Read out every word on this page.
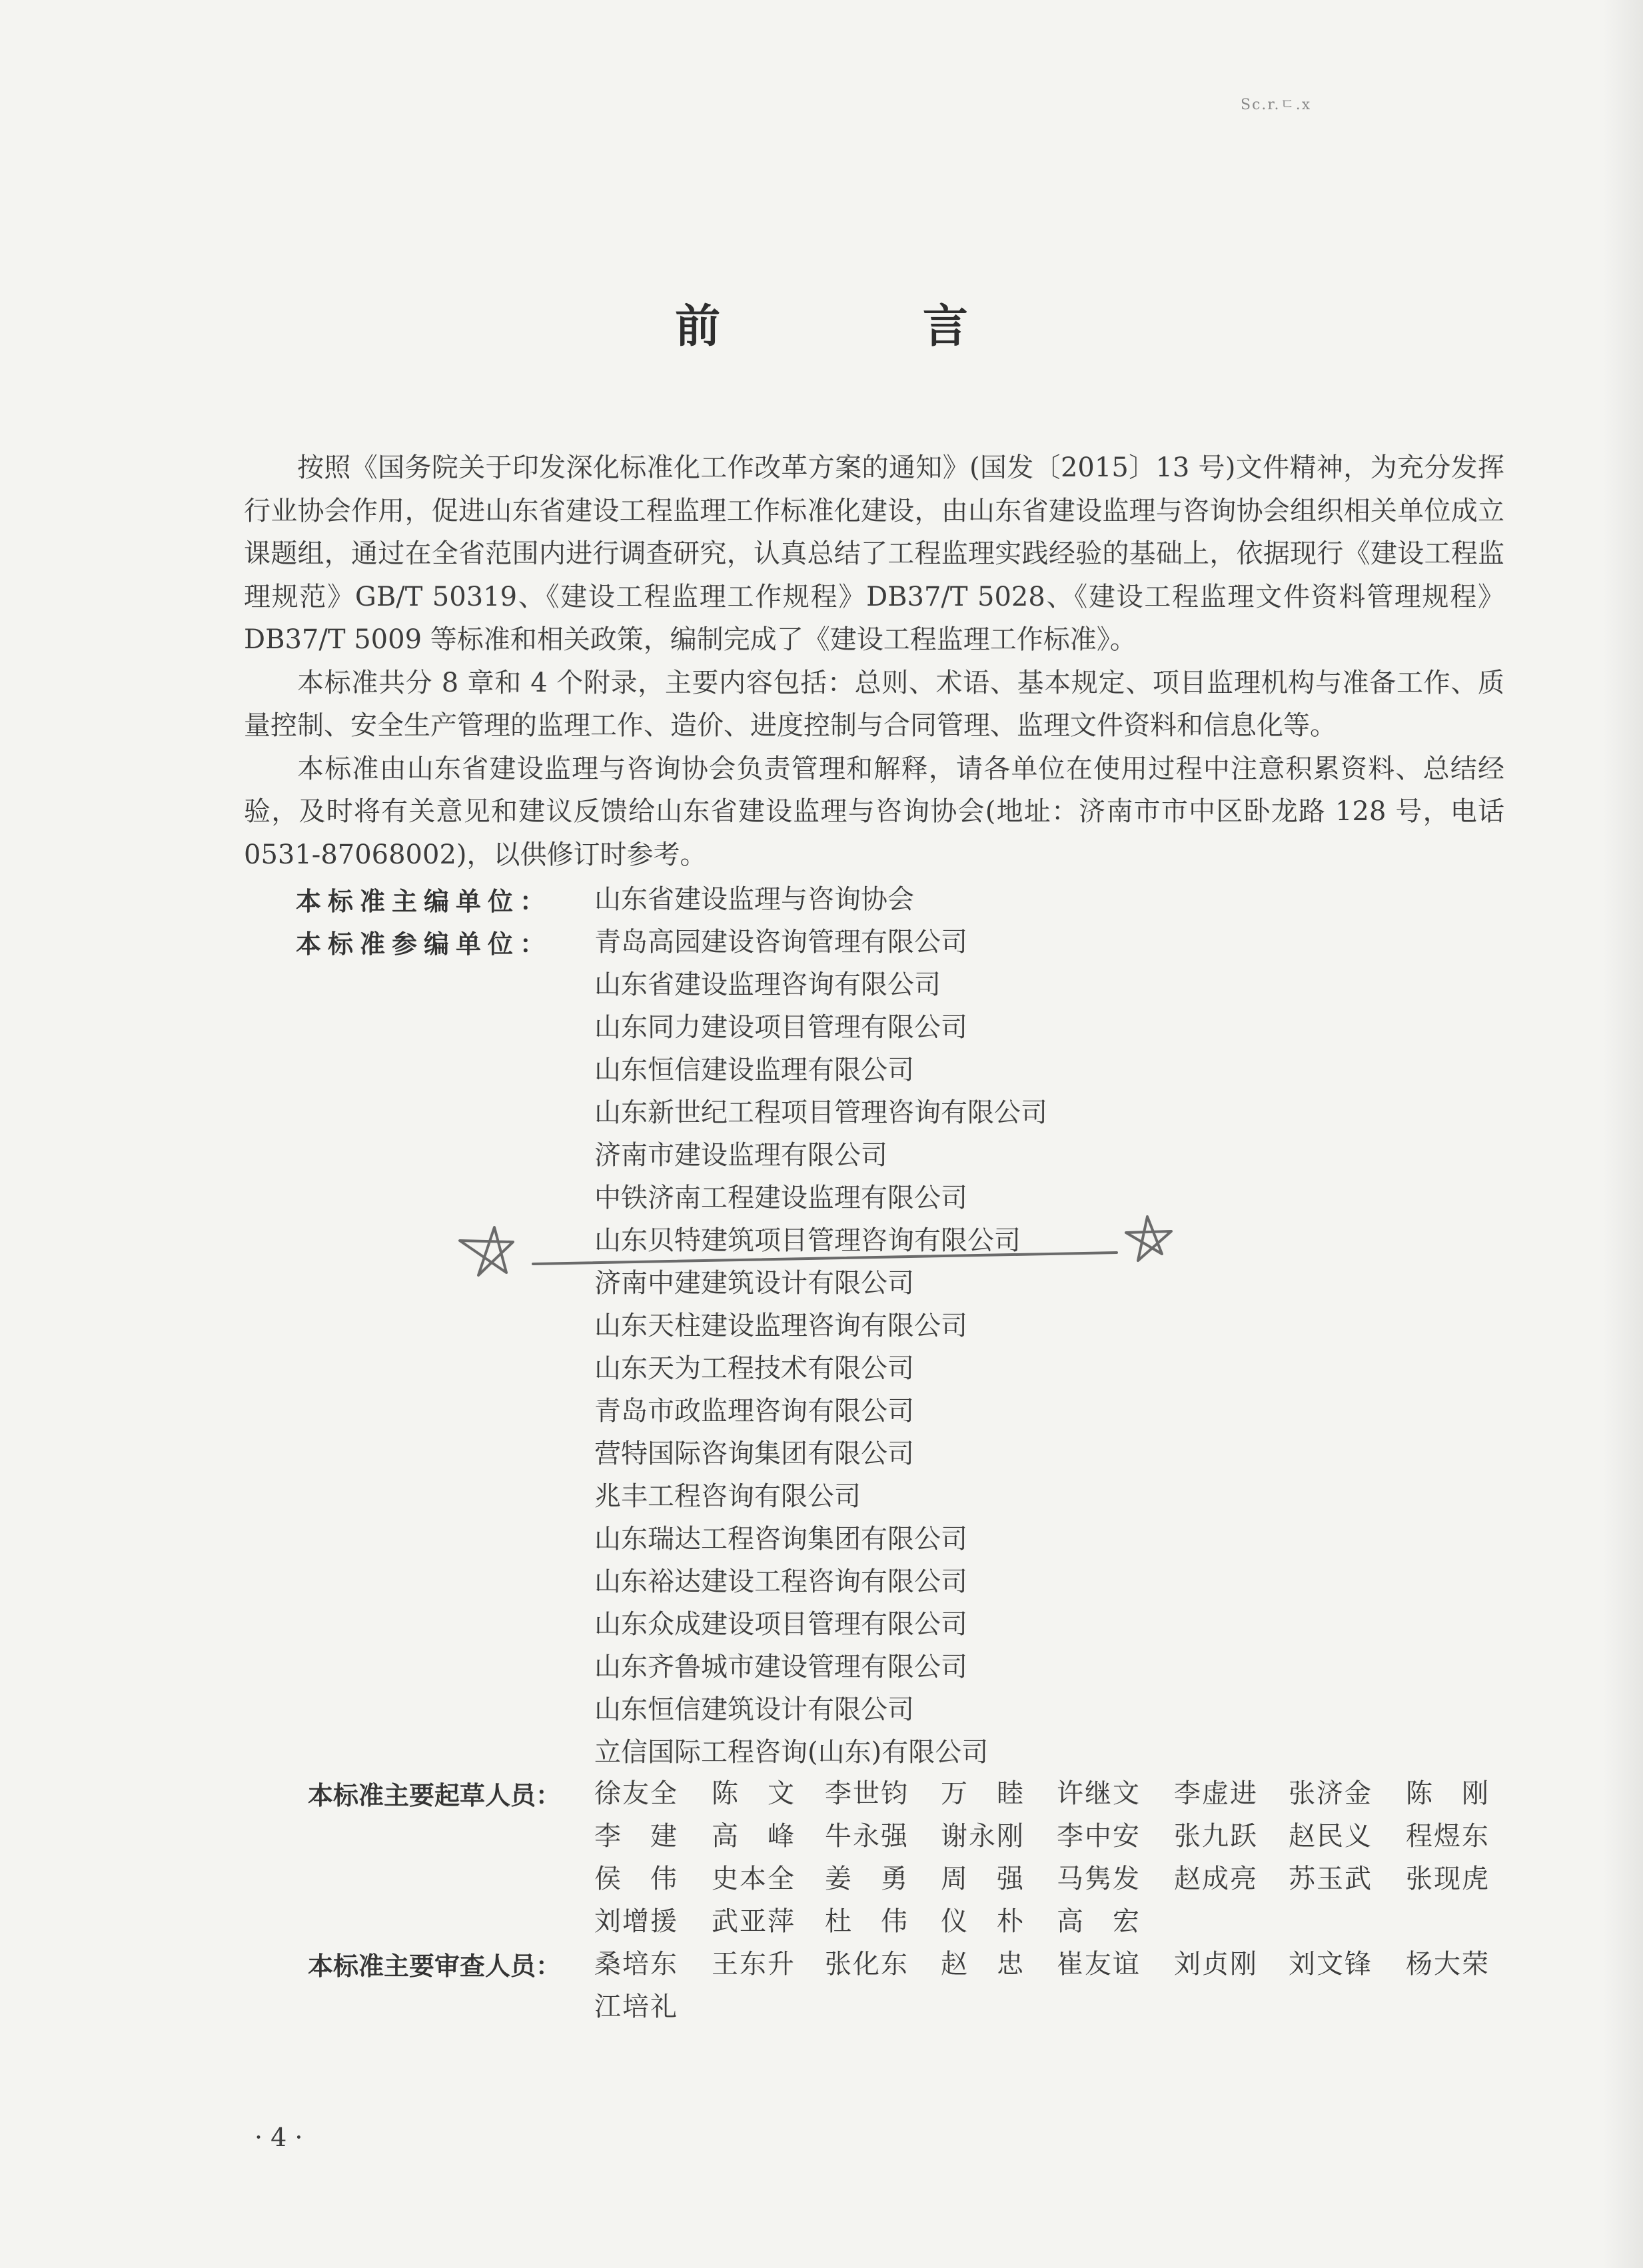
Sc.r.ㄷ.x
前 言

按照《国务院关于印发深化标准化工作改革方案的通知》(国发〔2015〕13 号)文件精神，为充分发挥行业协会作用，促进山东省建设工程监理工作标准化建设，由山东省建设监理与咨询协会组织相关单位成立课题组，通过在全省范围内进行调查研究，认真总结了工程监理实践经验的基础上，依据现行《建设工程监理规范》GB/T 50319、《建设工程监理工作规程》DB37/T 5028、《建设工程监理文件资料管理规程》DB37/T 5009 等标准和相关政策，编制完成了《建设工程监理工作标准》。

本标准共分 8 章和 4 个附录，主要内容包括：总则、术语、基本规定、项目监理机构与准备工作、质量控制、安全生产管理的监理工作、造价、进度控制与合同管理、监理文件资料和信息化等。

本标准由山东省建设监理与咨询协会负责管理和解释，请各单位在使用过程中注意积累资料、总结经验，及时将有关意见和建议反馈给山东省建设监理与咨询协会(地址：济南市市中区卧龙路 128 号，电话 0531-87068002)，以供修订时参考。

本标准主编单位： 山东省建设监理与咨询协会
本标准参编单位： 青岛高园建设咨询管理有限公司
山东省建设监理咨询有限公司
山东同力建设项目管理有限公司
山东恒信建设监理有限公司
山东新世纪工程项目管理咨询有限公司
济南市建设监理有限公司
中铁济南工程建设监理有限公司
山东贝特建筑项目管理咨询有限公司
济南中建建筑设计有限公司
山东天柱建设监理咨询有限公司
山东天为工程技术有限公司
青岛市政监理咨询有限公司
营特国际咨询集团有限公司
兆丰工程咨询有限公司
山东瑞达工程咨询集团有限公司
山东裕达建设工程咨询有限公司
山东众成建设项目管理有限公司
山东齐鲁城市建设管理有限公司
山东恒信建筑设计有限公司
立信国际工程咨询(山东)有限公司
本标准主要起草人员： 徐友全 陈　文 李世钧 万　睦 许继文 李虚进 张济金 陈　刚
李　建 高　峰 牛永强 谢永刚 李中安 张九跃 赵民义 程煜东
侯　伟 史本全 姜　勇 周　强 马隽发 赵成亮 苏玉武 张现虎
刘增援 武亚萍 杜　伟 仪　朴 高　宏
本标准主要审查人员： 桑培东 王东升 张化东 赵　忠 崔友谊 刘贞刚 刘文锋 杨大荣
江培礼
· 4 ·
